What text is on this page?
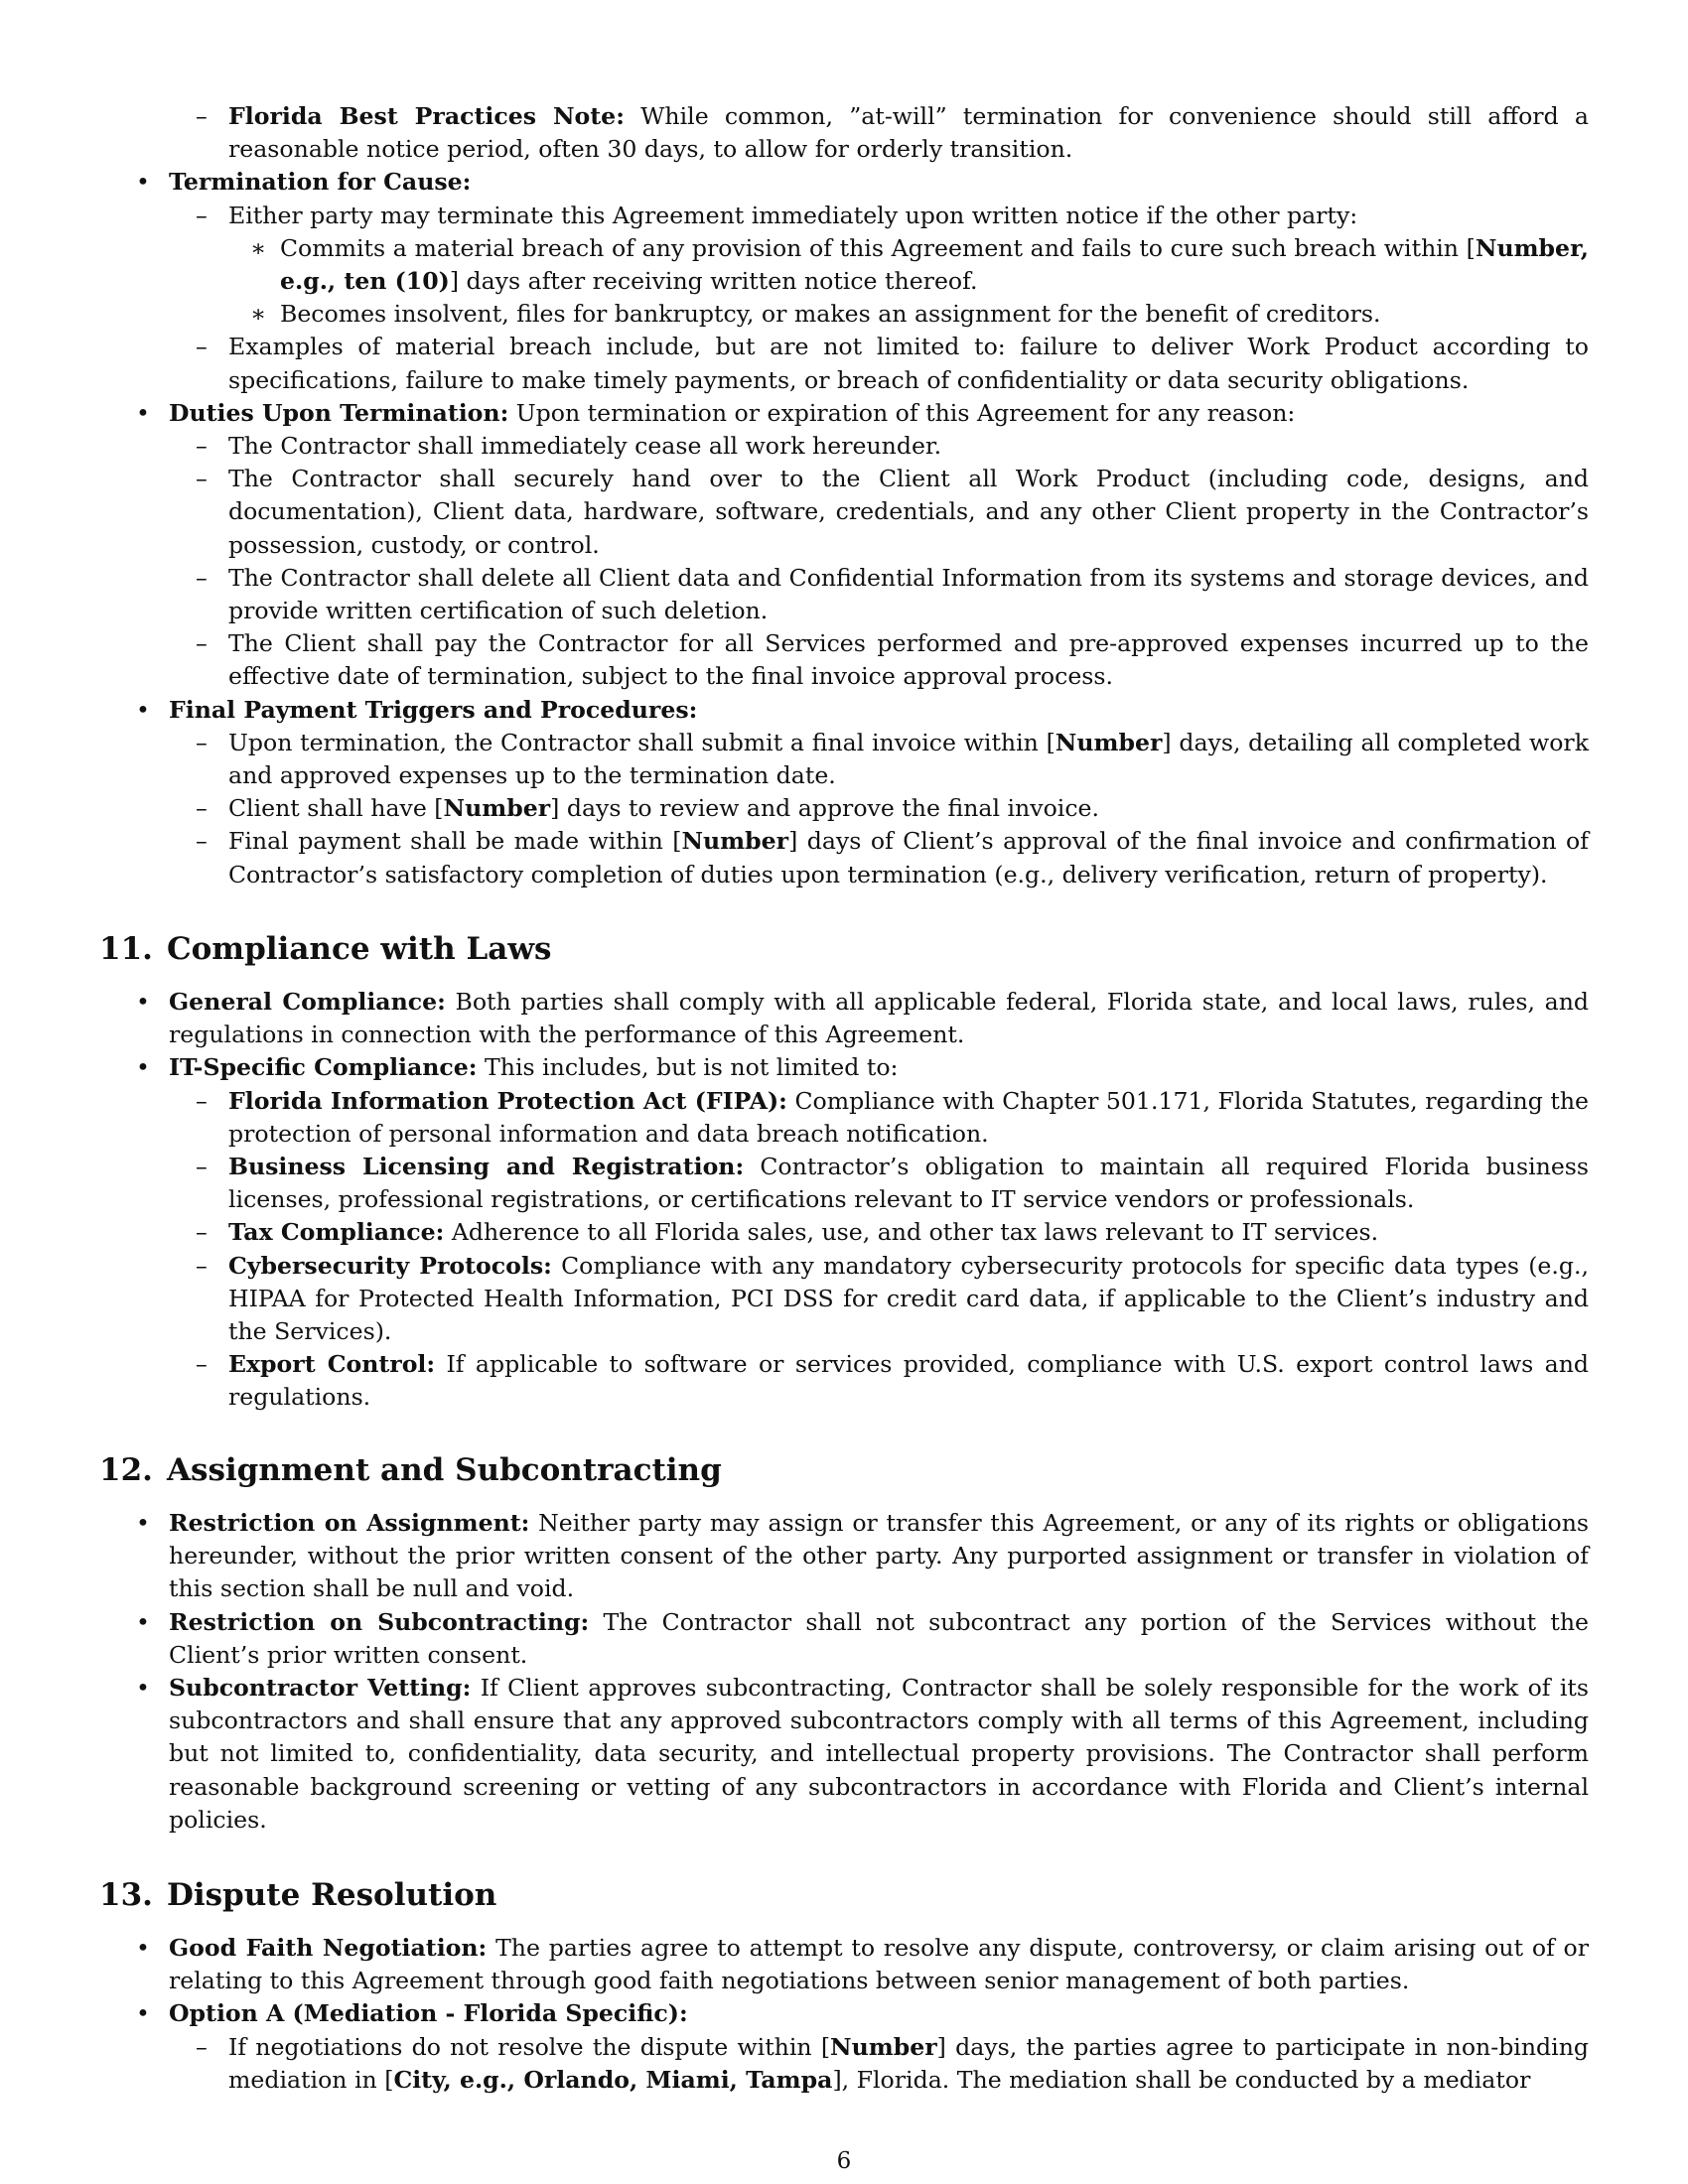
– Florida Best Practices Note: While common, ”at-will” termination for convenience should still afford a reasonable notice period, often 30 days, to allow for orderly transition.
• Termination for Cause:
– Either party may terminate this Agreement immediately upon written notice if the other party:
∗ Commits a material breach of any provision of this Agreement and fails to cure such breach within [Number, e.g., ten (10)] days after receiving written notice thereof.
∗ Becomes insolvent, files for bankruptcy, or makes an assignment for the benefit of creditors.
– Examples of material breach include, but are not limited to: failure to deliver Work Product according to specifications, failure to make timely payments, or breach of confidentiality or data security obligations.
• Duties Upon Termination: Upon termination or expiration of this Agreement for any reason:
– The Contractor shall immediately cease all work hereunder.
– The Contractor shall securely hand over to the Client all Work Product (including code, designs, and documentation), Client data, hardware, software, credentials, and any other Client property in the Contractor’s possession, custody, or control.
– The Contractor shall delete all Client data and Confidential Information from its systems and storage devices, and provide written certification of such deletion.
– The Client shall pay the Contractor for all Services performed and pre-approved expenses incurred up to the effective date of termination, subject to the final invoice approval process.
• Final Payment Triggers and Procedures:
– Upon termination, the Contractor shall submit a final invoice within [Number] days, detailing all completed work and approved expenses up to the termination date.
– Client shall have [Number] days to review and approve the final invoice.
– Final payment shall be made within [Number] days of Client’s approval of the final invoice and confirmation of Contractor’s satisfactory completion of duties upon termination (e.g., delivery verification, return of property).
11. Compliance with Laws
• General Compliance: Both parties shall comply with all applicable federal, Florida state, and local laws, rules, and regulations in connection with the performance of this Agreement.
• IT-Specific Compliance: This includes, but is not limited to:
– Florida Information Protection Act (FIPA): Compliance with Chapter 501.171, Florida Statutes, regarding the protection of personal information and data breach notification.
– Business Licensing and Registration: Contractor’s obligation to maintain all required Florida business licenses, professional registrations, or certifications relevant to IT service vendors or professionals.
– Tax Compliance: Adherence to all Florida sales, use, and other tax laws relevant to IT services.
– Cybersecurity Protocols: Compliance with any mandatory cybersecurity protocols for specific data types (e.g., HIPAA for Protected Health Information, PCI DSS for credit card data, if applicable to the Client’s industry and the Services).
– Export Control: If applicable to software or services provided, compliance with U.S. export control laws and regulations.
12. Assignment and Subcontracting
• Restriction on Assignment: Neither party may assign or transfer this Agreement, or any of its rights or obligations hereunder, without the prior written consent of the other party. Any purported assignment or transfer in violation of this section shall be null and void.
• Restriction on Subcontracting: The Contractor shall not subcontract any portion of the Services without the Client’s prior written consent.
• Subcontractor Vetting: If Client approves subcontracting, Contractor shall be solely responsible for the work of its subcontractors and shall ensure that any approved subcontractors comply with all terms of this Agreement, including but not limited to, confidentiality, data security, and intellectual property provisions. The Contractor shall perform reasonable background screening or vetting of any subcontractors in accordance with Florida and Client’s internal policies.
13. Dispute Resolution
• Good Faith Negotiation: The parties agree to attempt to resolve any dispute, controversy, or claim arising out of or relating to this Agreement through good faith negotiations between senior management of both parties.
• Option A (Mediation - Florida Specific):
– If negotiations do not resolve the dispute within [Number] days, the parties agree to participate in non-binding mediation in [City, e.g., Orlando, Miami, Tampa], Florida. The mediation shall be conducted by a mediator
6
